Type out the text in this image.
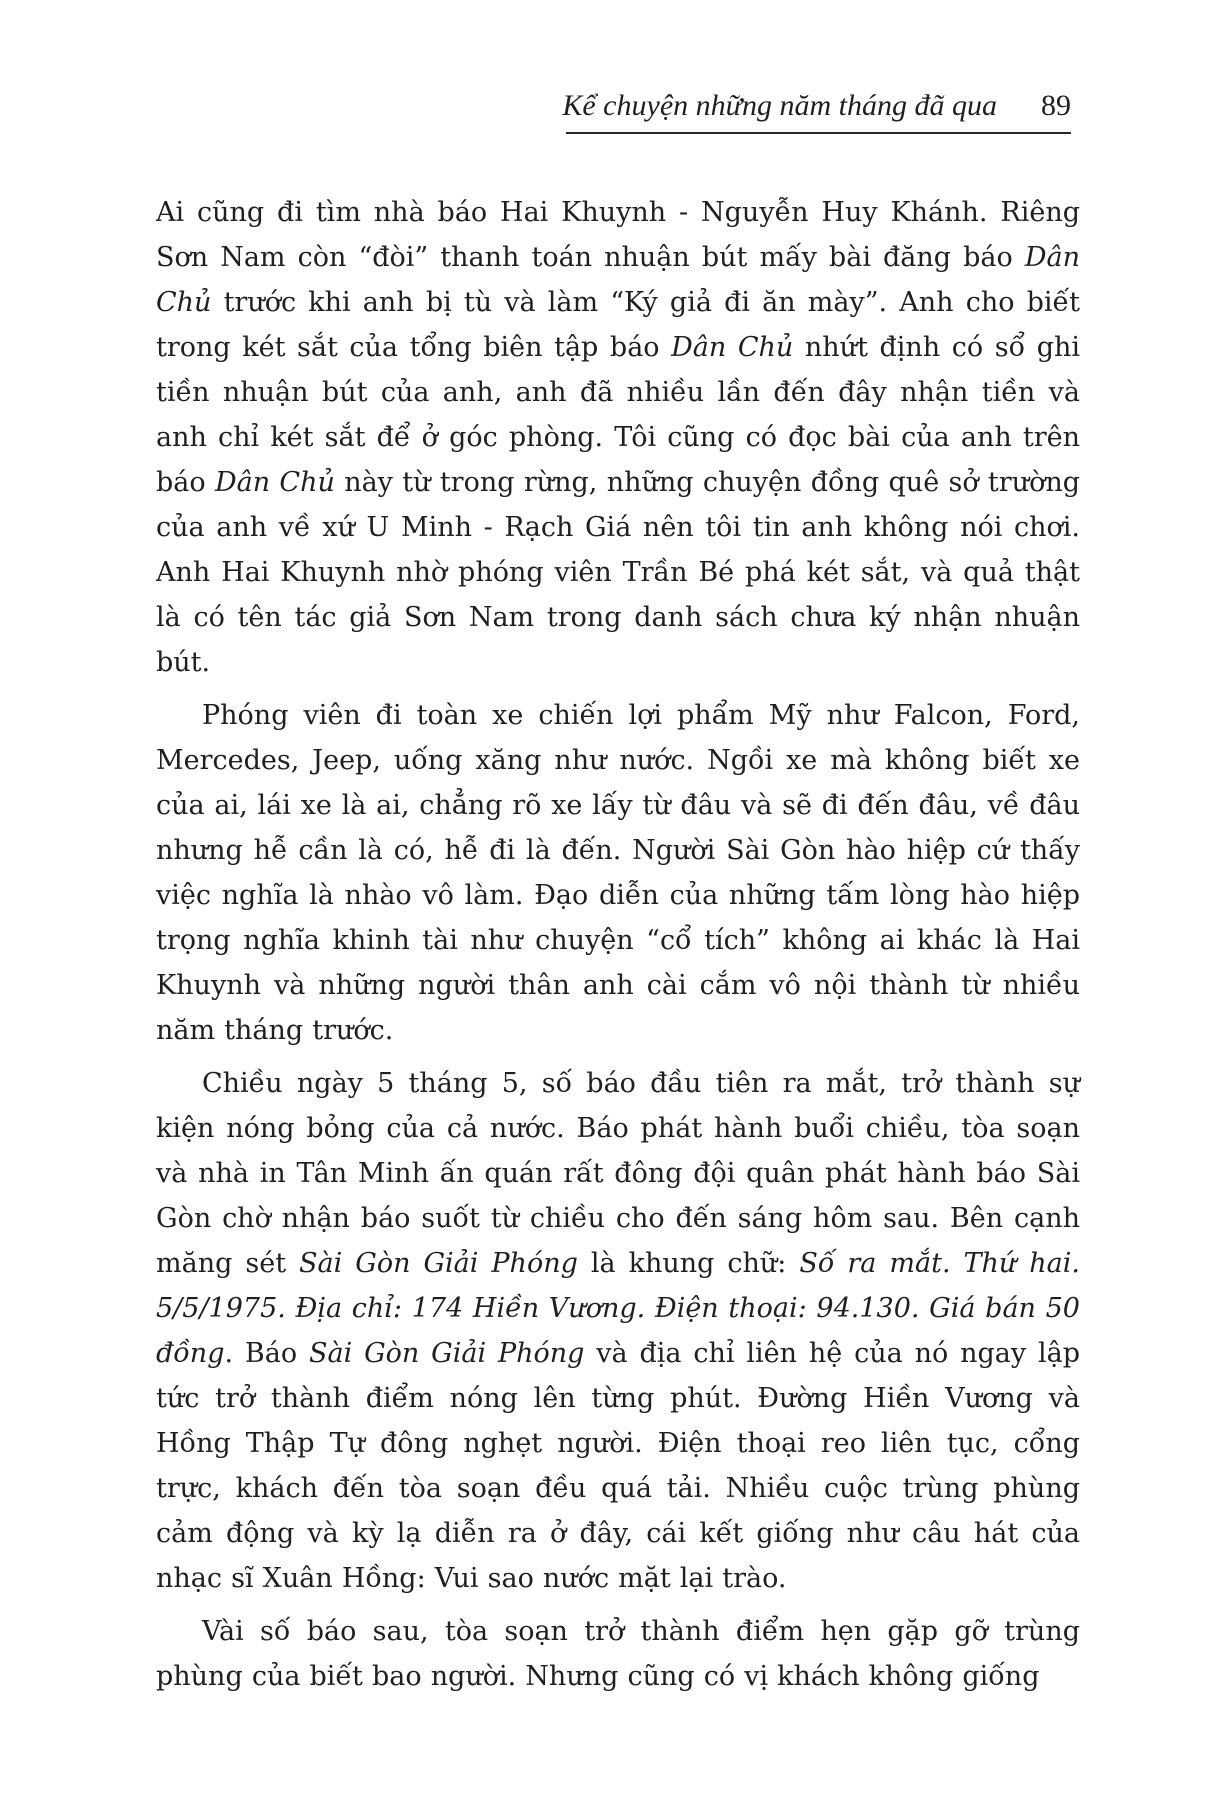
Kể chuyện những năm tháng đã qua 89

Ai cũng đi tìm nhà báo Hai Khuynh - Nguyễn Huy Khánh. Riêng Sơn Nam còn “đòi” thanh toán nhuận bút mấy bài đăng báo Dân Chủ trước khi anh bị tù và làm “Ký giả đi ăn mày”. Anh cho biết trong két sắt của tổng biên tập báo Dân Chủ nhứt định có sổ ghi tiền nhuận bút của anh, anh đã nhiều lần đến đây nhận tiền và anh chỉ két sắt để ở góc phòng. Tôi cũng có đọc bài của anh trên báo Dân Chủ này từ trong rừng, những chuyện đồng quê sở trường của anh về xứ U Minh - Rạch Giá nên tôi tin anh không nói chơi. Anh Hai Khuynh nhờ phóng viên Trần Bé phá két sắt, và quả thật là có tên tác giả Sơn Nam trong danh sách chưa ký nhận nhuận bút.

Phóng viên đi toàn xe chiến lợi phẩm Mỹ như Falcon, Ford, Mercedes, Jeep, uống xăng như nước. Ngồi xe mà không biết xe của ai, lái xe là ai, chẳng rõ xe lấy từ đâu và sẽ đi đến đâu, về đâu nhưng hễ cần là có, hễ đi là đến. Người Sài Gòn hào hiệp cứ thấy việc nghĩa là nhào vô làm. Đạo diễn của những tấm lòng hào hiệp trọng nghĩa khinh tài như chuyện “cổ tích” không ai khác là Hai Khuynh và những người thân anh cài cắm vô nội thành từ nhiều năm tháng trước.

Chiều ngày 5 tháng 5, số báo đầu tiên ra mắt, trở thành sự kiện nóng bỏng của cả nước. Báo phát hành buổi chiều, tòa soạn và nhà in Tân Minh ấn quán rất đông đội quân phát hành báo Sài Gòn chờ nhận báo suốt từ chiều cho đến sáng hôm sau. Bên cạnh măng sét Sài Gòn Giải Phóng là khung chữ: Số ra mắt. Thứ hai. 5/5/1975. Địa chỉ: 174 Hiền Vương. Điện thoại: 94.130. Giá bán 50 đồng. Báo Sài Gòn Giải Phóng và địa chỉ liên hệ của nó ngay lập tức trở thành điểm nóng lên từng phút. Đường Hiền Vương và Hồng Thập Tự đông nghẹt người. Điện thoại reo liên tục, cổng trực, khách đến tòa soạn đều quá tải. Nhiều cuộc trùng phùng cảm động và kỳ lạ diễn ra ở đây, cái kết giống như câu hát của nhạc sĩ Xuân Hồng: Vui sao nước mặt lại trào.

Vài số báo sau, tòa soạn trở thành điểm hẹn gặp gỡ trùng phùng của biết bao người. Nhưng cũng có vị khách không giống
